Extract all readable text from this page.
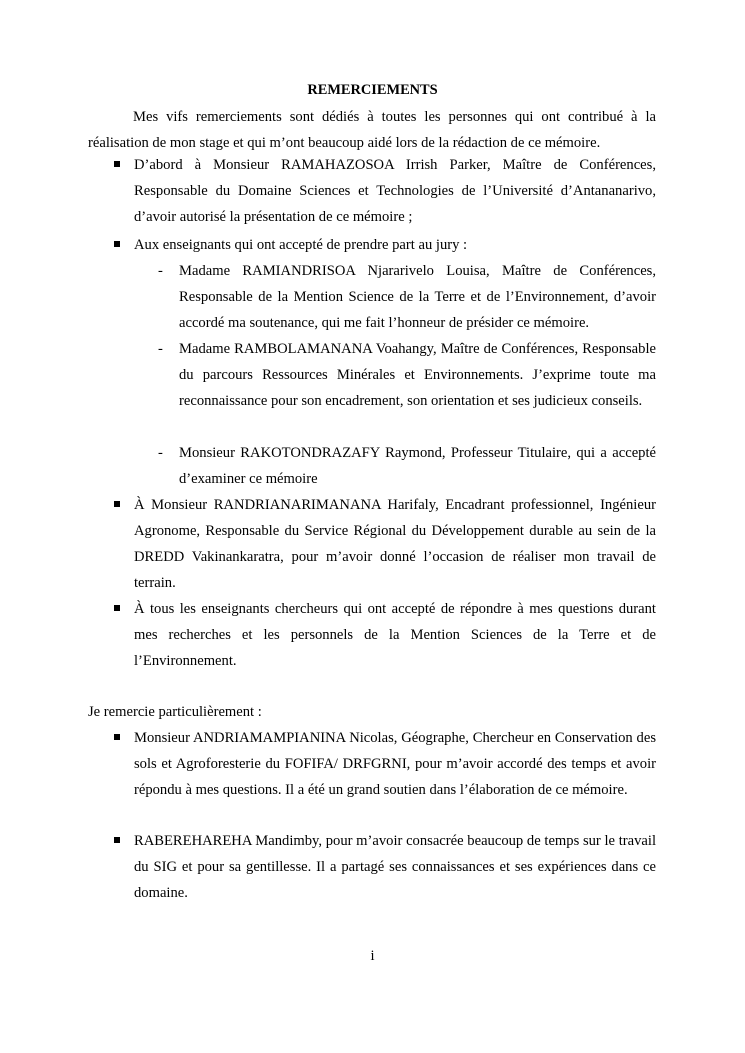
REMERCIEMENTS

Mes vifs remerciements sont dédiés à toutes les personnes qui ont contribué à la réalisation de mon stage et qui m’ont beaucoup aidé lors de la rédaction de ce mémoire.

D’abord à Monsieur RAMAHAZOSOA Irrish Parker, Maître de Conférences, Responsable du Domaine Sciences et Technologies de l’Université d’Antananarivo, d’avoir autorisé la présentation de ce mémoire ;

Aux enseignants qui ont accepté de prendre part au jury :

- Madame RAMIANDRISOA Njararivelo Louisa, Maître de Conférences, Responsable de la Mention Science de la Terre et de l’Environnement, d’avoir accordé ma soutenance, qui me fait l’honneur de présider ce mémoire.

- Madame RAMBOLAMANANA Voahangy, Maître de Conférences, Responsable du parcours Ressources Minérales et Environnements. J’exprime toute ma reconnaissance pour son encadrement, son orientation et ses judicieux conseils.

- Monsieur RAKOTONDRAZAFY Raymond, Professeur Titulaire, qui a accepté d’examiner ce mémoire

À Monsieur RANDRIANARIMANANA Harifaly, Encadrant professionnel, Ingénieur Agronome, Responsable du Service Régional du Développement durable au sein de la DREDD Vakinankaratra, pour m’avoir donné l’occasion de réaliser mon travail de terrain.

À tous les enseignants chercheurs qui ont accepté de répondre à mes questions durant mes recherches et les personnels de la Mention Sciences de la Terre et de l’Environnement.

Je remercie particulièrement :

Monsieur ANDRIAMAMPIANINA Nicolas, Géographe, Chercheur en Conservation des sols et Agroforesterie du FOFIFA/ DRFGRNI, pour m’avoir accordé des temps et avoir répondu à mes questions. Il a été un grand soutien dans l’élaboration de ce mémoire.

RABEREHAREHA Mandimby, pour m’avoir consacrée beaucoup de temps sur le travail du SIG et pour sa gentillesse. Il a partagé ses connaissances et ses expériences dans ce domaine.

i
